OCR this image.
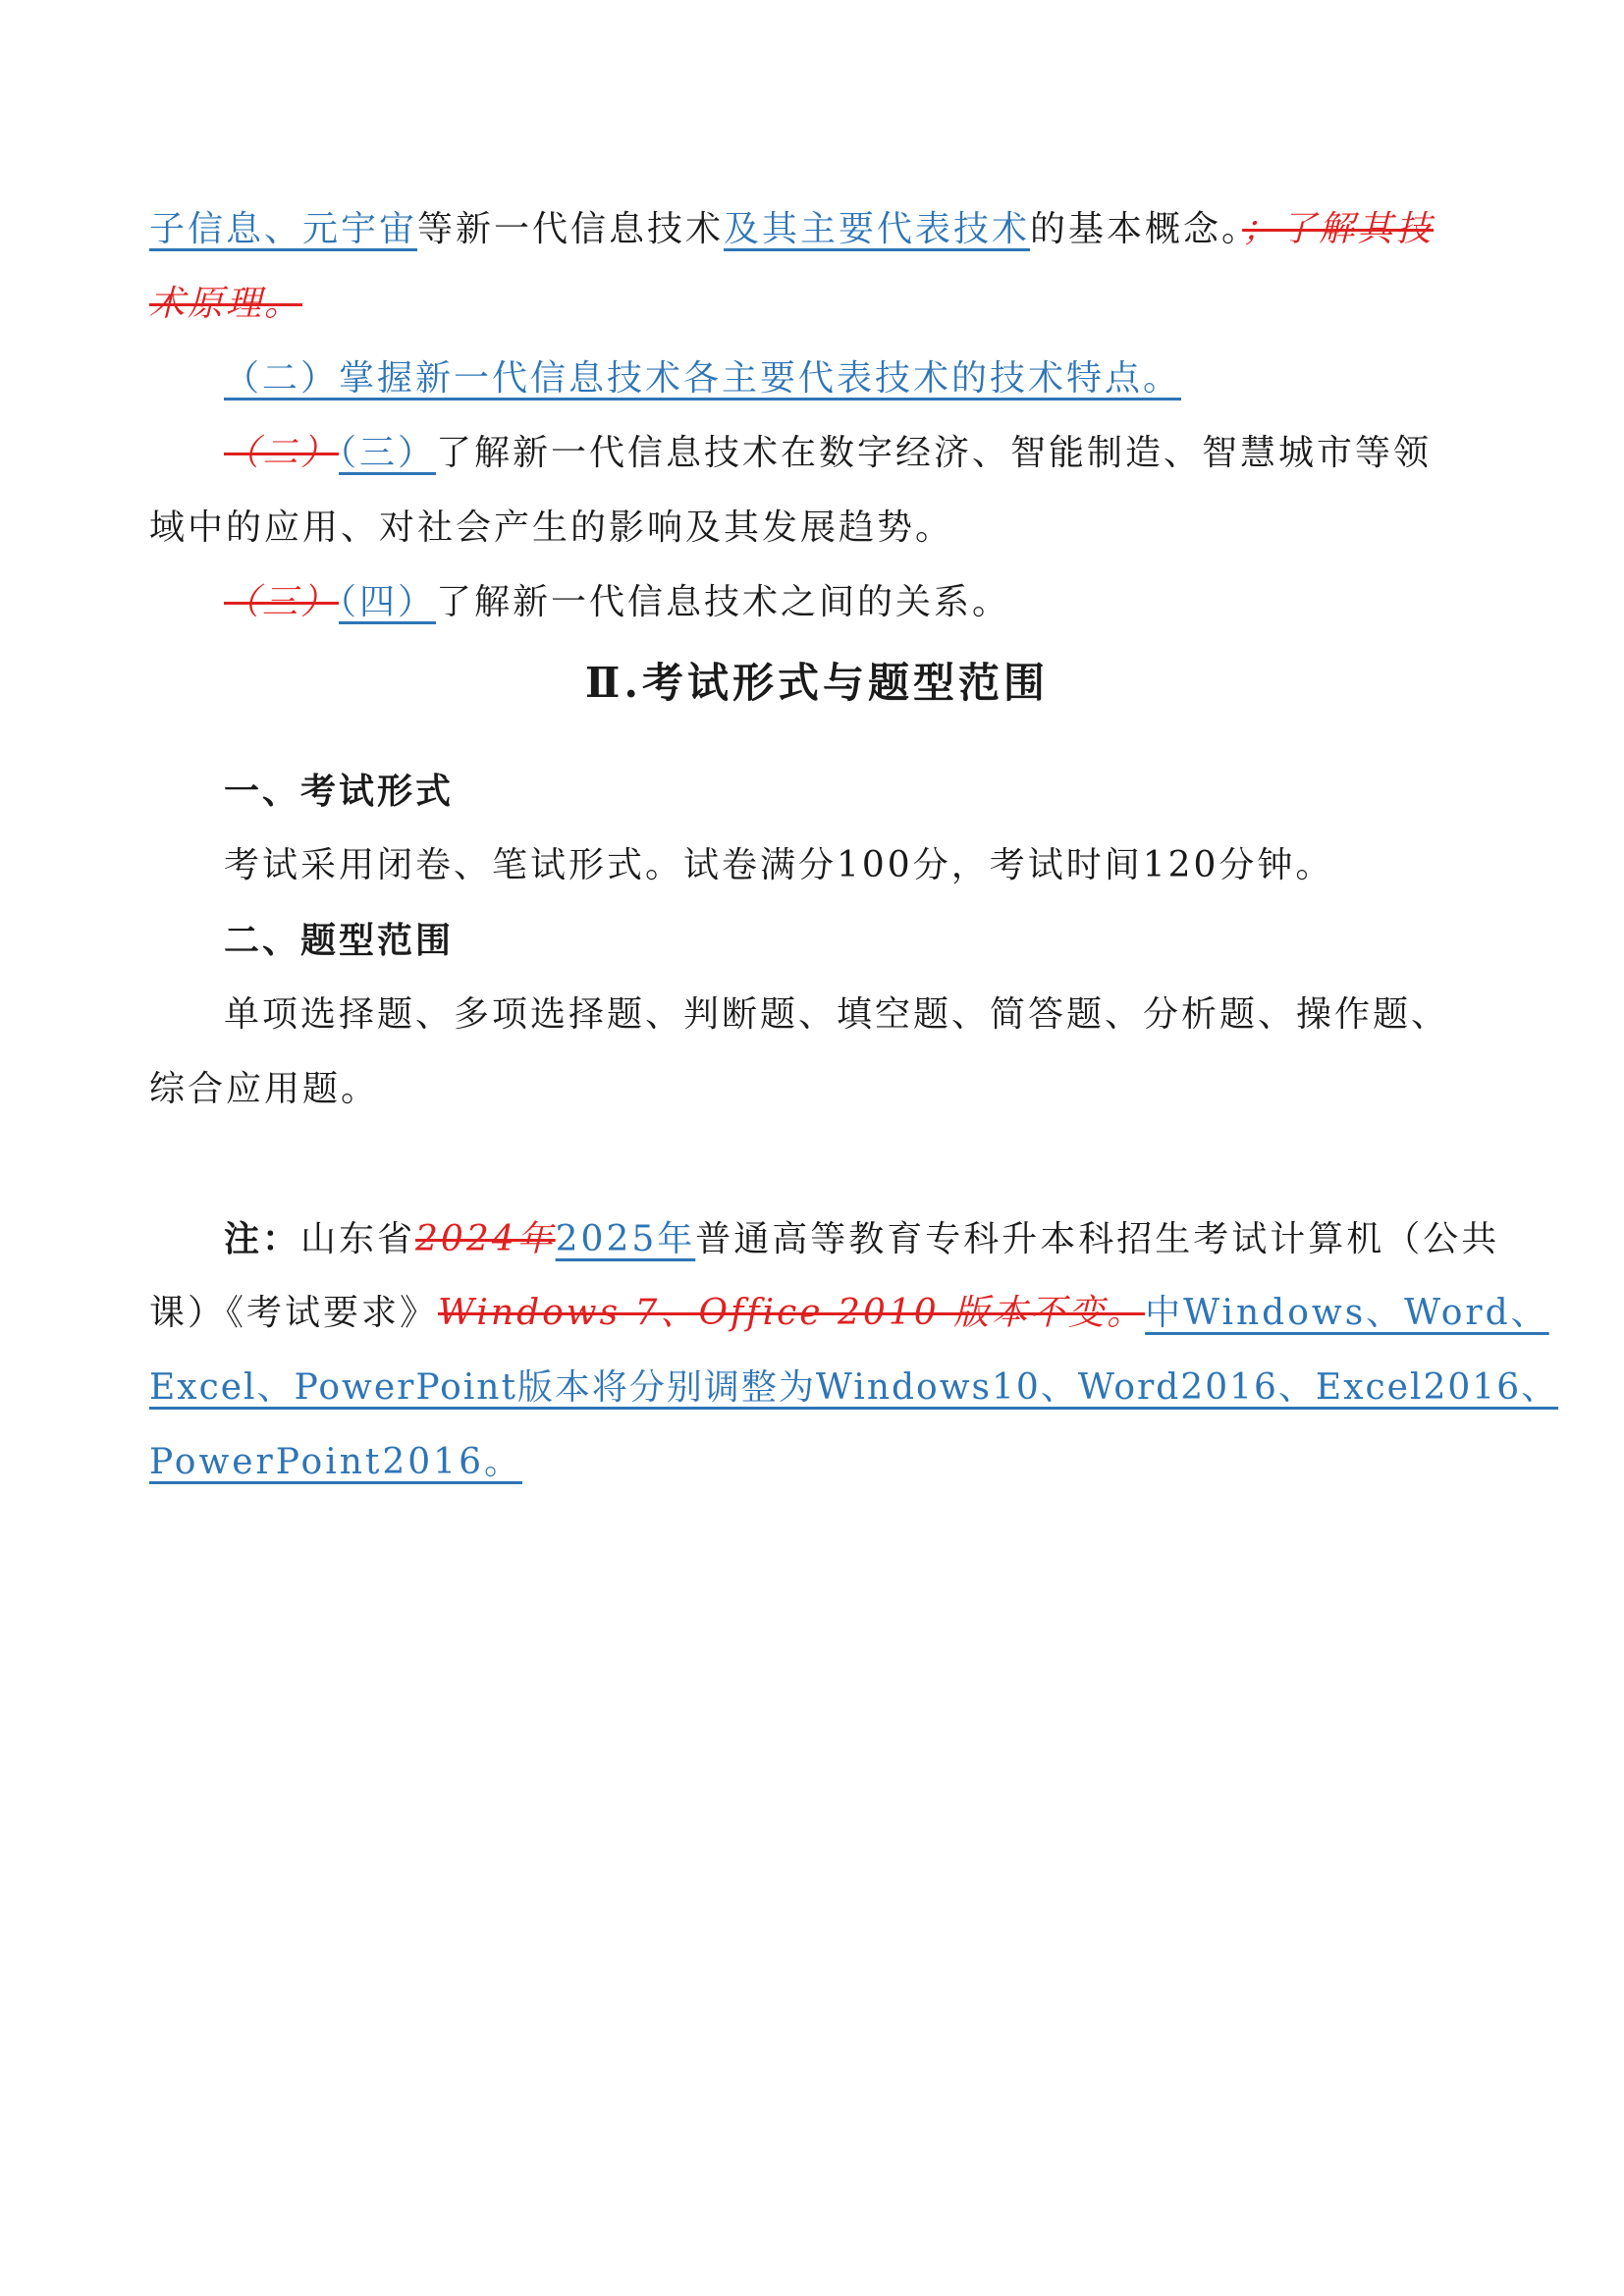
子信息、元宇宙等新一代信息技术及其主要代表技术的基本概念。；了解其技
术原理。
（二）掌握新一代信息技术各主要代表技术的技术特点。
（二）（三）了解新一代信息技术在数字经济、智能制造、智慧城市等领
域中的应用、对社会产生的影响及其发展趋势。
（三）（四）了解新一代信息技术之间的关系。
Ⅱ.考试形式与题型范围
一、考试形式
考试采用闭卷、笔试形式。试卷满分100分，考试时间120分钟。
二、题型范围
单项选择题、多项选择题、判断题、填空题、简答题、分析题、操作题、
综合应用题。
注：山东省2024年2025年普通高等教育专科升本科招生考试计算机（公共
课）《考试要求》Windows 7、Office 2010 版本不变。中Windows、Word、
Excel、PowerPoint版本将分别调整为Windows10、Word2016、Excel2016、
PowerPoint2016。
